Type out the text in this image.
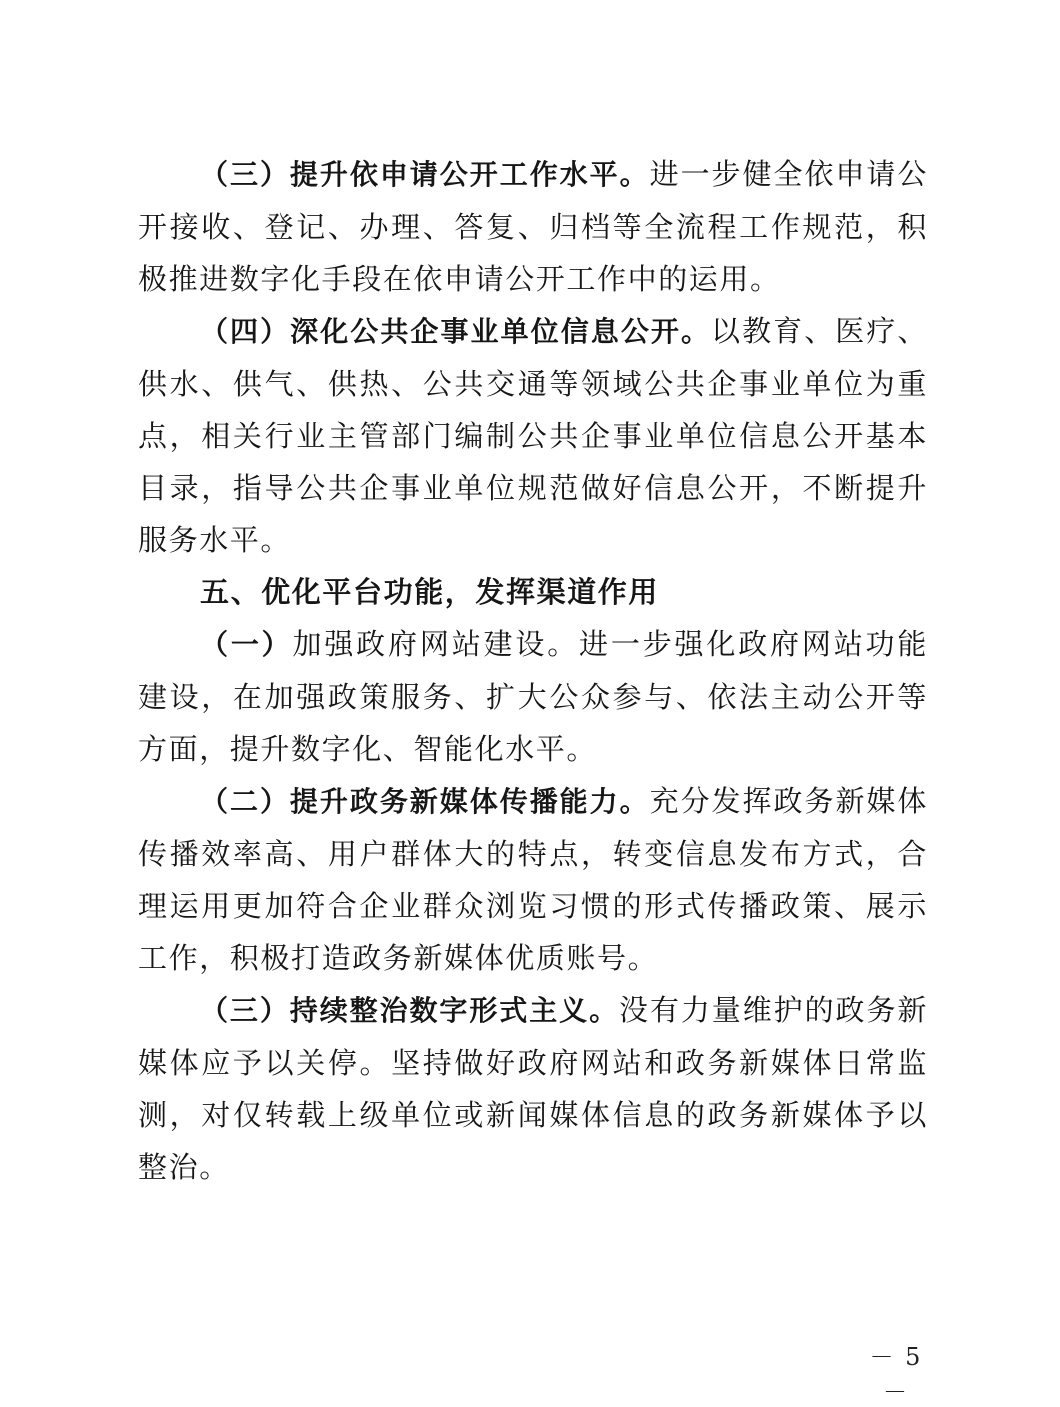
（三）提升依申请公开工作水平。进一步健全依申请公开接收、登记、办理、答复、归档等全流程工作规范，积极推进数字化手段在依申请公开工作中的运用。

（四）深化公共企事业单位信息公开。以教育、医疗、供水、供气、供热、公共交通等领域公共企事业单位为重点，相关行业主管部门编制公共企事业单位信息公开基本目录，指导公共企事业单位规范做好信息公开，不断提升服务水平。

五、优化平台功能，发挥渠道作用

（一）加强政府网站建设。进一步强化政府网站功能建设，在加强政策服务、扩大公众参与、依法主动公开等方面，提升数字化、智能化水平。

（二）提升政务新媒体传播能力。充分发挥政务新媒体传播效率高、用户群体大的特点，转变信息发布方式，合理运用更加符合企业群众浏览习惯的形式传播政策、展示工作，积极打造政务新媒体优质账号。

（三）持续整治数字形式主义。没有力量维护的政务新媒体应予以关停。坚持做好政府网站和政务新媒体日常监测，对仅转载上级单位或新闻媒体信息的政务新媒体予以整治。

－ 5 －
